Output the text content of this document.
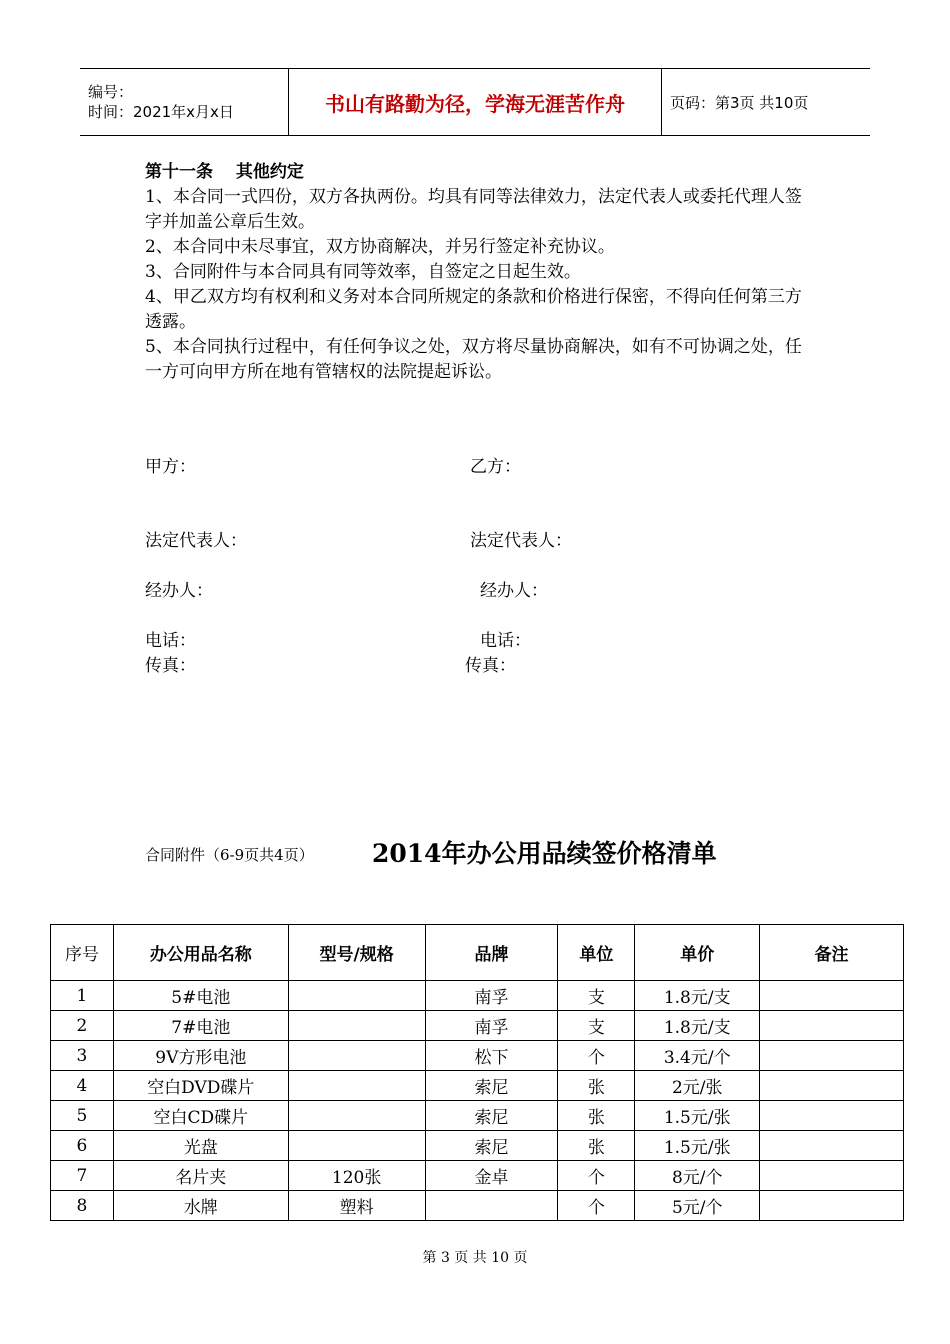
编号：
时间：2021年x月x日	书山有路勤为径，学海无涯苦作舟	页码：第3页 共10页

第十一条　 其他约定

1、本合同一式四份，双方各执两份。均具有同等法律效力，法定代表人或委托代理人签字并加盖公章后生效。

2、本合同中未尽事宜，双方协商解决，并另行签定补充协议。

3、合同附件与本合同具有同等效率，自签定之日起生效。

4、甲乙双方均有权利和义务对本合同所规定的条款和价格进行保密，不得向任何第三方透露。

5、本合同执行过程中，有任何争议之处，双方将尽量协商解决，如有不可协调之处，任一方可向甲方所在地有管辖权的法院提起诉讼。

甲方：	乙方：
法定代表人：	法定代表人：
经办人：	经办人：
电话：	电话：
传真：	传真：
合同附件（6-9页共4页） 2014年办公用品续签价格清单
序号	办公用品名称	型号/规格	品牌	单位	单价	备注
1	5#电池		南孚	支	1.8元/支	
2	7#电池		南孚	支	1.8元/支	
3	9V方形电池		松下	个	3.4元/个	
4	空白DVD碟片		索尼	张	2元/张	
5	空白CD碟片		索尼	张	1.5元/张	
6	光盘		索尼	张	1.5元/张	
7	名片夹	120张	金卓	个	8元/个	
8	水牌	塑料		个	5元/个	
第 3 页 共 10 页
